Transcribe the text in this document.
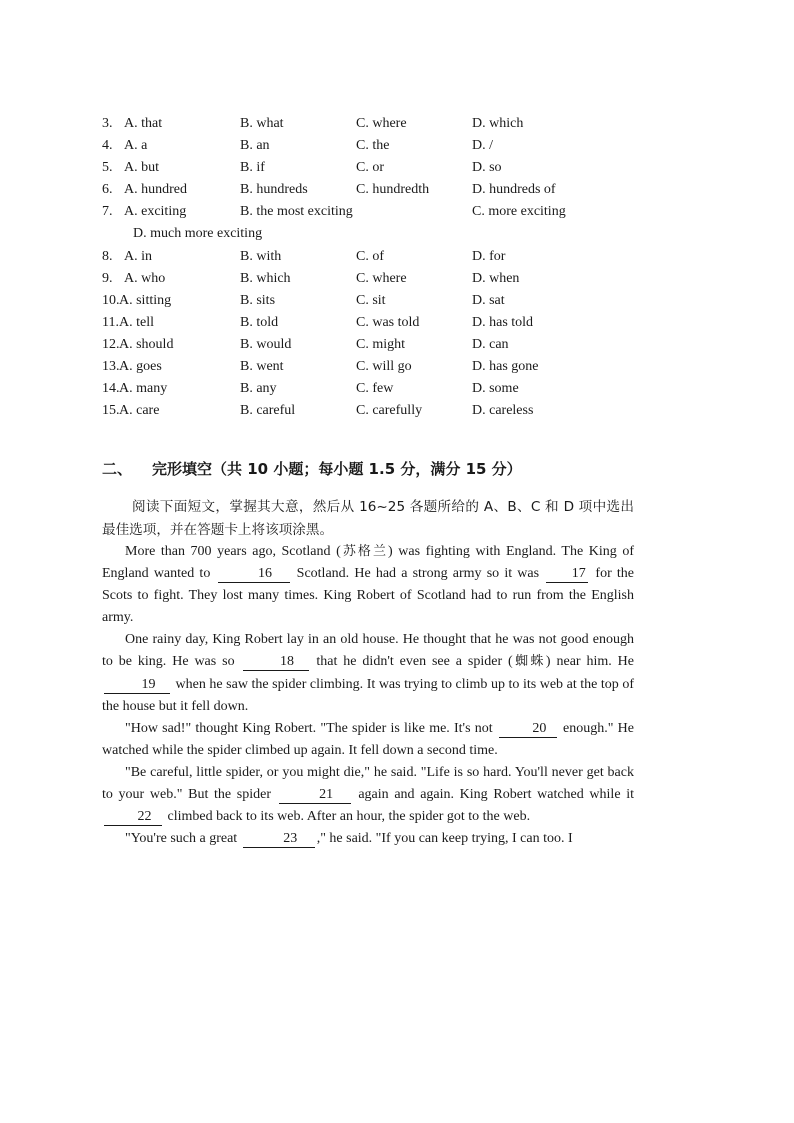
3. A. that	B. what	C. where	D. which
4. A. a	B. an	C. the	D. /
5. A. but	B. if	C. or	D. so
6. A. hundred	B. hundreds	C. hundredth	D. hundreds of
7. A. exciting	B. the most exciting	C. more exciting
D. much more exciting
8. A. in	B. with	C. of	D. for
9. A. who	B. which	C. where	D. when
10. A. sitting	B. sits	C. sit	D. sat
11. A. tell	B. told	C. was told	D. has told
12. A. should	B. would	C. might	D. can
13. A. goes	B. went	C. will go	D. has gone
14. A. many	B. any	C. few	D. some
15. A. care	B. careful	C. carefully	D. careless
二、 完形填空（共 10 小题；每小题 1.5 分，满分 15 分）

阅读下面短文，掌握其大意，然后从 16~25 各题所给的 A、B、C 和 D 项中选出最佳选项，并在答题卡上将该项涂黑。

More than 700 years ago, Scotland (苏格兰) was fighting with England. The King of England wanted to	16 Scotland. He had a strong army so it was 17 for the Scots to fight. They lost many times. King Robert of Scotland had to run from the English army.

One rainy day, King Robert lay in an old house. He thought that he was not good enough to be king. He was so	18 that he didn't even see a spider (蜘蛛) near him. He 19 when he saw the spider climbing. It was trying to climb up to its web at the top of the house but it fell down.

"How sad!" thought King Robert. "The spider is like me. It's not	20 enough." He watched while the spider climbed up again. It fell down a second time.

"Be careful, little spider, or you might die," he said. "Life is so hard. You'll never get back to your web." But the spider	21 again and again. King Robert watched while it 22 climbed back to its web. After an hour, the spider got to the web.

"You're such a great	23 ," he said. "If you can keep trying, I can too. I
